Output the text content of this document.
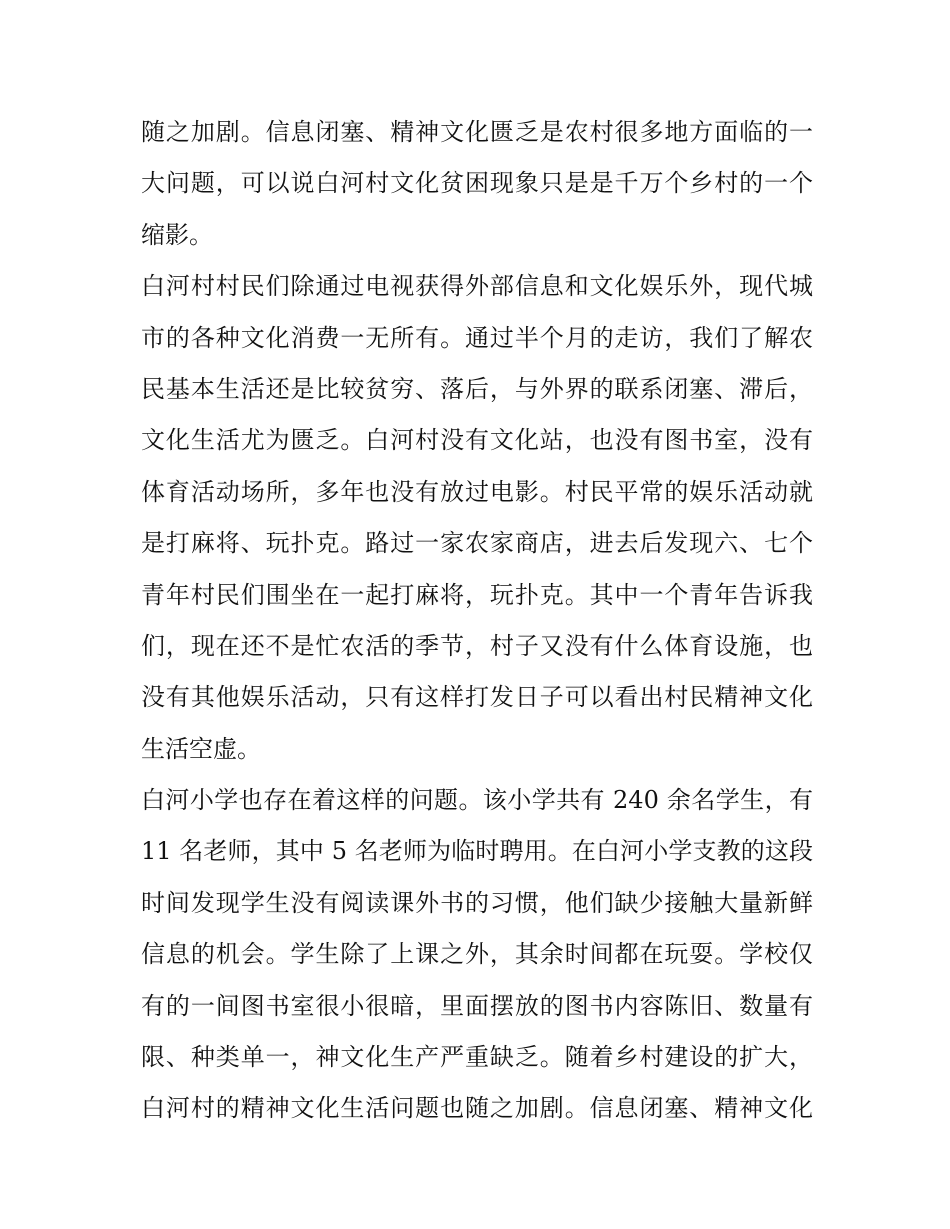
随之加剧。信息闭塞、精神文化匮乏是农村很多地方面临的一
大问题，可以说白河村文化贫困现象只是是千万个乡村的一个
缩影。
白河村村民们除通过电视获得外部信息和文化娱乐外，现代城
市的各种文化消费一无所有。通过半个月的走访，我们了解农
民基本生活还是比较贫穷、落后，与外界的联系闭塞、滞后，
文化生活尤为匮乏。白河村没有文化站，也没有图书室，没有
体育活动场所，多年也没有放过电影。村民平常的娱乐活动就
是打麻将、玩扑克。路过一家农家商店，进去后发现六、七个
青年村民们围坐在一起打麻将，玩扑克。其中一个青年告诉我
们，现在还不是忙农活的季节，村子又没有什么体育设施，也
没有其他娱乐活动，只有这样打发日子可以看出村民精神文化
生活空虚。
白河小学也存在着这样的问题。该小学共有 240 余名学生，有
11 名老师，其中 5 名老师为临时聘用。在白河小学支教的这段
时间发现学生没有阅读课外书的习惯，他们缺少接触大量新鲜
信息的机会。学生除了上课之外，其余时间都在玩耍。学校仅
有的一间图书室很小很暗，里面摆放的图书内容陈旧、数量有
限、种类单一，神文化生产严重缺乏。随着乡村建设的扩大，
白河村的精神文化生活问题也随之加剧。信息闭塞、精神文化
